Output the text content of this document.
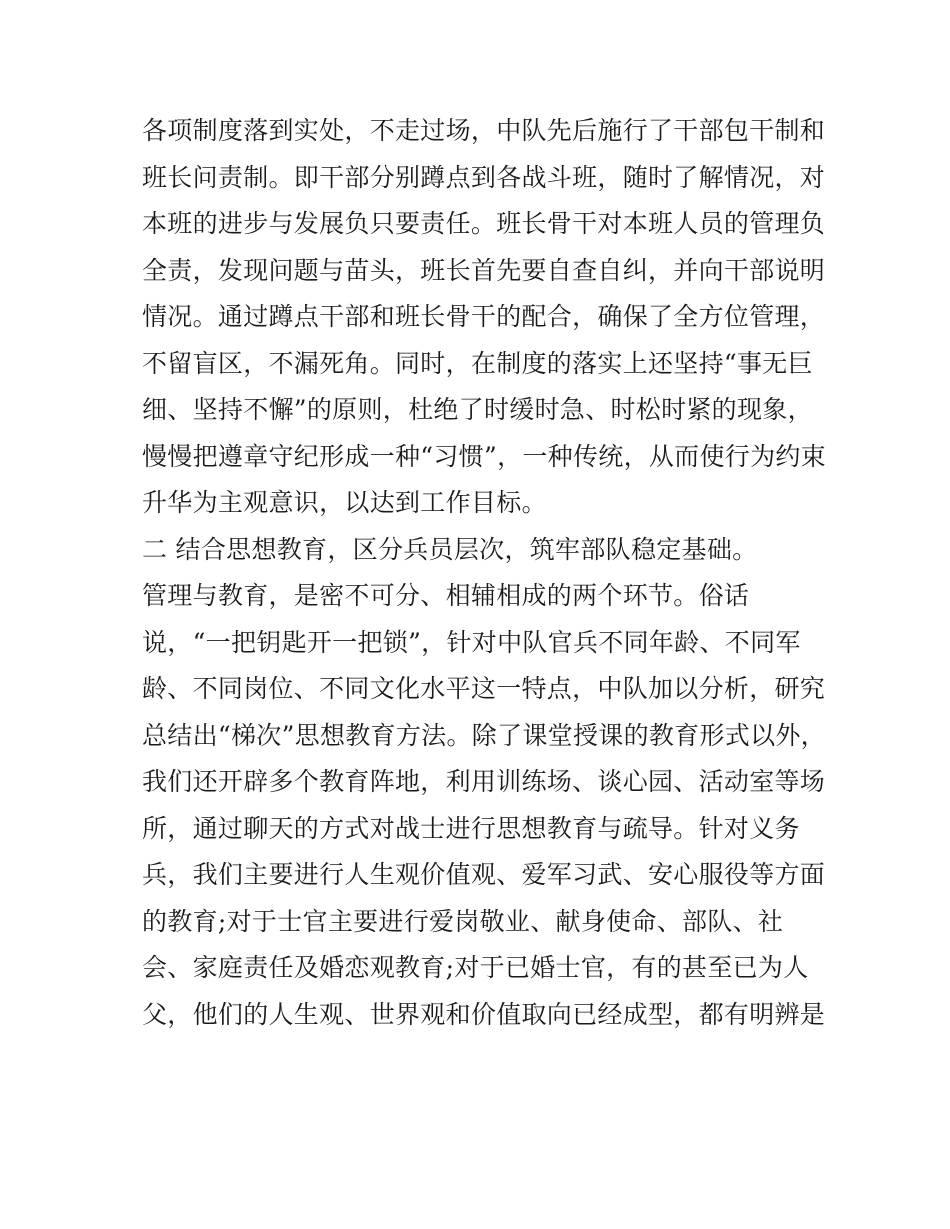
各项制度落到实处，不走过场，中队先后施行了干部包干制和
班长问责制。即干部分别蹲点到各战斗班，随时了解情况，对
本班的进步与发展负只要责任。班长骨干对本班人员的管理负
全责，发现问题与苗头，班长首先要自查自纠，并向干部说明
情况。通过蹲点干部和班长骨干的配合，确保了全方位管理，
不留盲区，不漏死角。同时，在制度的落实上还坚持“事无巨
细、坚持不懈”的原则，杜绝了时缓时急、时松时紧的现象，
慢慢把遵章守纪形成一种“习惯”，一种传统，从而使行为约束
升华为主观意识，以达到工作目标。
二 结合思想教育，区分兵员层次，筑牢部队稳定基础。
管理与教育，是密不可分、相辅相成的两个环节。俗话
说，“一把钥匙开一把锁”，针对中队官兵不同年龄、不同军
龄、不同岗位、不同文化水平这一特点，中队加以分析，研究
总结出“梯次”思想教育方法。除了课堂授课的教育形式以外，
我们还开辟多个教育阵地，利用训练场、谈心园、活动室等场
所，通过聊天的方式对战士进行思想教育与疏导。针对义务
兵，我们主要进行人生观价值观、爱军习武、安心服役等方面
的教育;对于士官主要进行爱岗敬业、献身使命、部队、社
会、家庭责任及婚恋观教育;对于已婚士官，有的甚至已为人
父，他们的人生观、世界观和价值取向已经成型，都有明辨是
